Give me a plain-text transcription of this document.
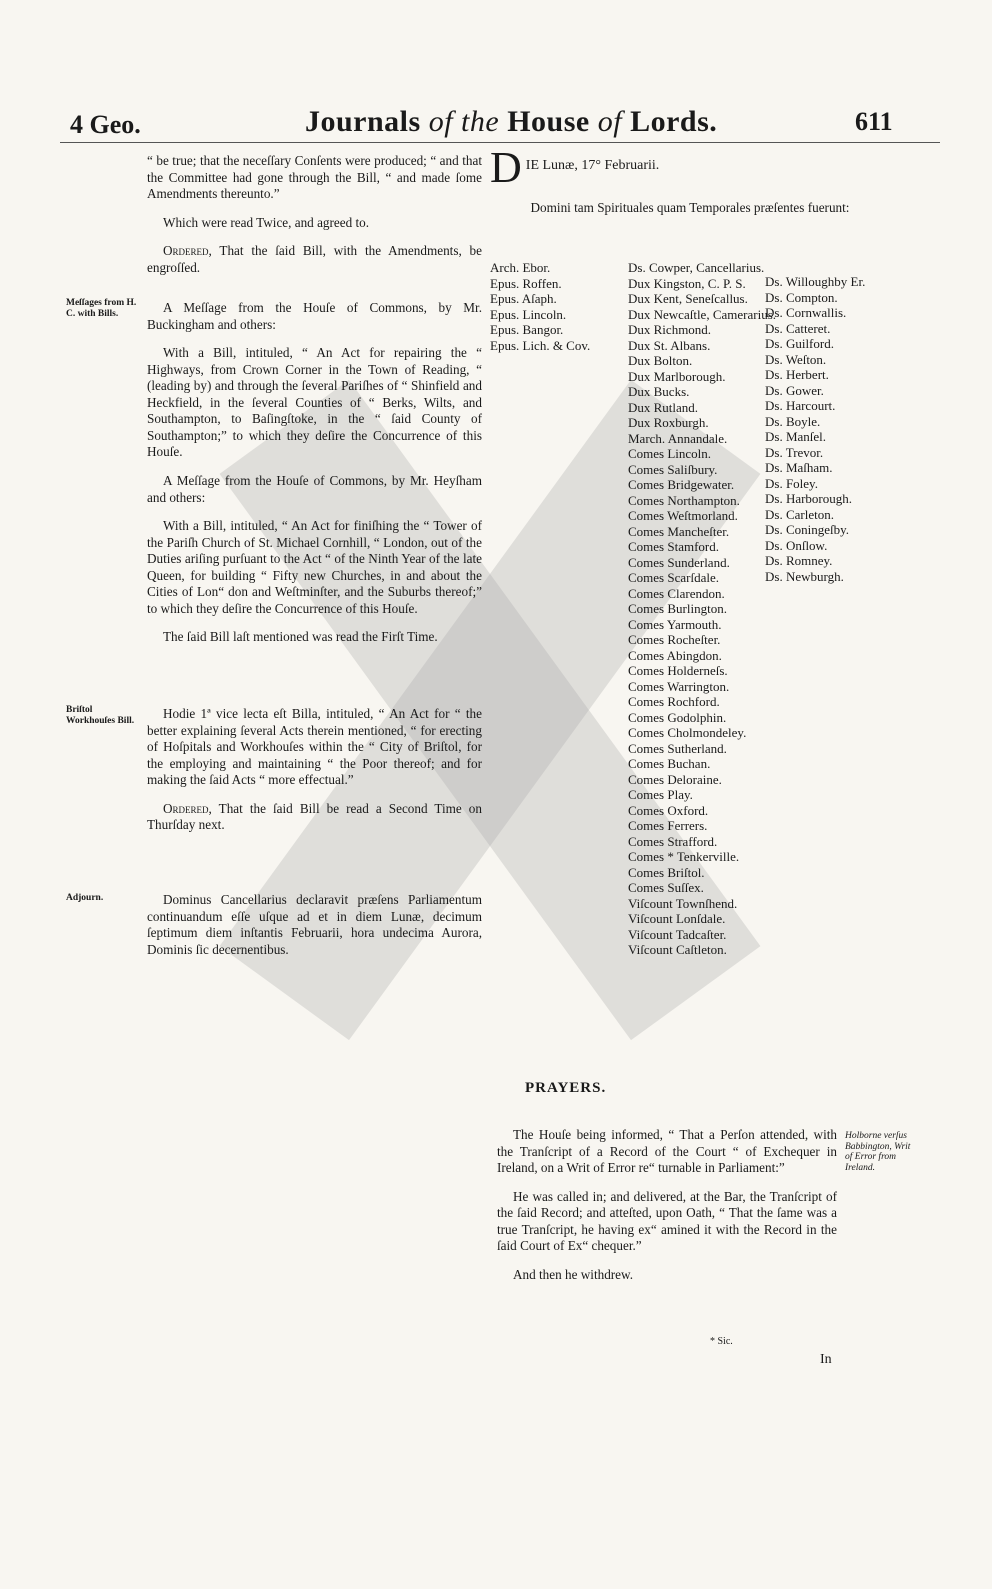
4 Geo.	Journals of the House of Lords.	611

“ be true; that the neceſſary Conſents were produced; “ and that the Committee had gone through the Bill, “ and made ſome Amendments thereunto.”

Which were read Twice, and agreed to.

Ordered, That the ſaid Bill, with the Amendments, be engroſſed.

Meſſages from H. C. with Bills.	A Meſſage from the Houſe of Commons, by Mr. Buckingham and others:

With a Bill, intituled, “ An Act for repairing the “ Highways, from Crown Corner in the Town of Reading, “ (leading by) and through the ſeveral Pariſhes of “ Shinfield and Heckfield, in the ſeveral Counties of “ Berks, Wilts, and Southampton, to Baſingſtoke, in the “ ſaid County of Southampton;” to which they deſire the Concurrence of this Houſe.

A Meſſage from the Houſe of Commons, by Mr. Heyſham and others:

With a Bill, intituled, “ An Act for finiſhing the “ Tower of the Pariſh Church of St. Michael Cornhill, “ London, out of the Duties ariſing purſuant to the Act “ of the Ninth Year of the late Queen, for building “ Fifty new Churches, in and about the Cities of Lon“ don and Weſtminſter, and the Suburbs thereof;” to which they deſire the Concurrence of this Houſe.

The ſaid Bill laſt mentioned was read the Firſt Time.

Briſtol Workhouſes Bill.	Hodie 1ª vice lecta eſt Billa, intituled, “ An Act for “ the better explaining ſeveral Acts therein mentioned, “ for erecting of Hoſpitals and Workhouſes within the “ City of Briſtol, for the employing and maintaining “ the Poor thereof; and for making the ſaid Acts “ more effectual.”

Ordered, That the ſaid Bill be read a Second Time on Thurſday next.

Adjourn.	Dominus Cancellarius declaravit præſens Parliamentum continuandum eſſe uſque ad et in diem Lunæ, decimum ſeptimum diem inſtantis Februarii, hora undecima Aurora, Dominis ſic decernentibus.

D IE Lunæ, 17° Februarii.
Domini tam Spirituales quam Temporales præſentes fuerunt:
Arch. Ebor.
Epus. Roffen.
Epus. Aſaph.
Epus. Lincoln.
Epus. Bangor.
Epus. Lich. & Cov.
Ds. Cowper, Cancellarius.
Dux Kingston, C. P. S.
Dux Kent, Seneſcallus.
Dux Newcaſtle, Camerarius.
Dux Richmond.
Dux St. Albans.
Dux Bolton.
Dux Marlborough.
Dux Bucks.
Dux Rutland.
Dux Roxburgh.
March. Annandale.
Comes Lincoln.
Comes Saliſbury.
Comes Bridgewater.
Comes Northampton.
Comes Weſtmorland.
Comes Mancheſter.
Comes Stamford.
Comes Sunderland.
Comes Scarſdale.
Comes Clarendon.
Comes Burlington.
Comes Yarmouth.
Comes Rocheſter.
Comes Abingdon.
Comes Holderneſs.
Comes Warrington.
Comes Rochford.
Comes Godolphin.
Comes Cholmondeley.
Comes Sutherland.
Comes Buchan.
Comes Deloraine.
Comes Play.
Comes Oxford.
Comes Ferrers.
Comes Strafford.
Comes * Tenkerville.
Comes Briſtol.
Comes Suſſex.
Viſcount Townſhend.
Viſcount Lonſdale.
Viſcount Tadcaſter.
Viſcount Caſtleton.
Ds. Willoughby Er.
Ds. Compton.
Ds. Cornwallis.
Ds. Catteret.
Ds. Guilford.
Ds. Weſton.
Ds. Herbert.
Ds. Gower.
Ds. Harcourt.
Ds. Boyle.
Ds. Manſel.
Ds. Trevor.
Ds. Maſham.
Ds. Foley.
Ds. Harborough.
Ds. Carleton.
Ds. Coningeſby.
Ds. Onſlow.
Ds. Romney.
Ds. Newburgh.
PRAYERS.

The Houſe being informed, “ That a Perſon attended, with the Tranſcript of a Record of the Court “ of Exchequer in Ireland, on a Writ of Error re“ turnable in Parliament:”

He was called in; and delivered, at the Bar, the Tranſcript of the ſaid Record; and atteſted, upon Oath, “ That the ſame was a true Tranſcript, he having ex“ amined it with the Record in the ſaid Court of Ex“ chequer.”

And then he withdrew.

Holborne verſus Babbington, Writ of Error from Ireland.
* Sic.
In
